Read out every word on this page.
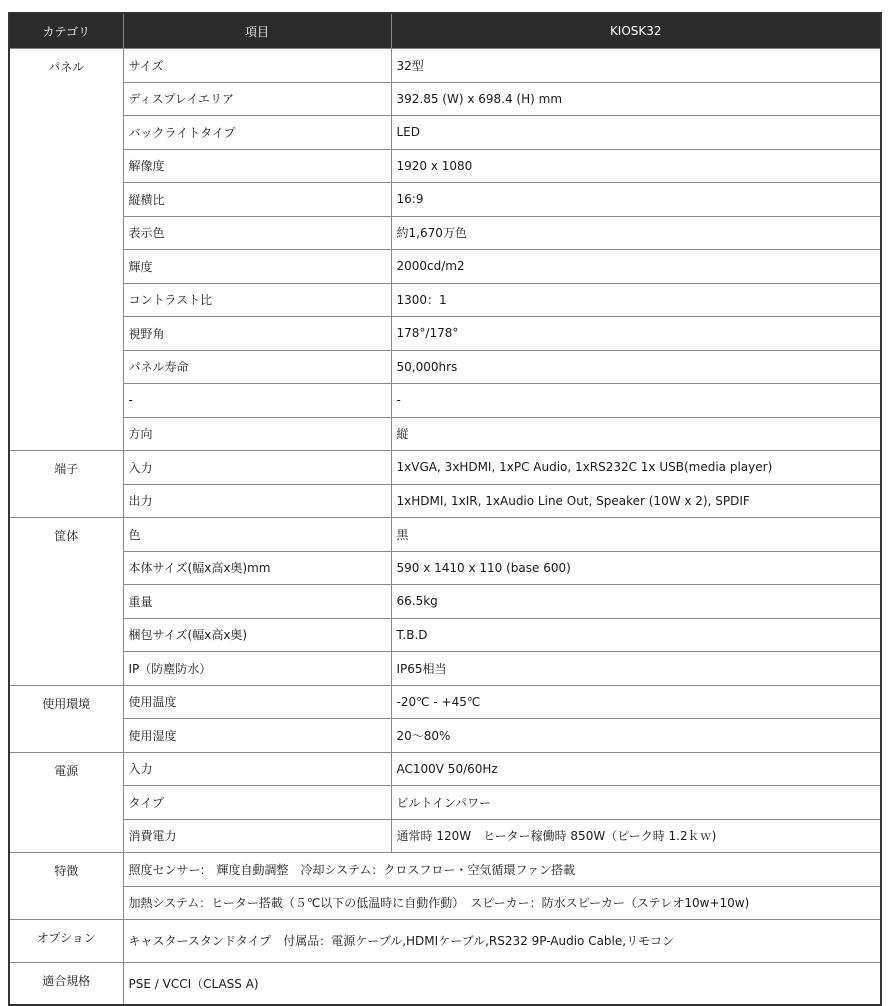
カテゴリ	項目	KIOSK32
パネル	サイズ	32型
	ディスプレイエリア	392.85 (W) x 698.4 (H) mm
	バックライトタイプ	LED
	解像度	1920 x 1080
	縦横比	16:9
	表示色	約1,670万色
	輝度	2000cd/m2
	コントラスト比	1300：1
	視野角	178°/178°
	パネル寿命	50,000hrs
	-	-
	方向	縦
端子	入力	1xVGA, 3xHDMI, 1xPC Audio, 1xRS232C 1x USB(media player)
	出力	1xHDMI, 1xIR, 1xAudio Line Out, Speaker (10W x 2), SPDIF
筐体	色	黒
	本体サイズ(幅x高x奥)mm	590 x 1410 x 110 (base 600)
	重量	66.5kg
	梱包サイズ(幅x高x奥)	T.B.D
	IP（防塵防水）	IP65相当
使用環境	使用温度	-20℃ - +45℃
	使用湿度	20～80%
電源	入力	AC100V 50/60Hz
	タイプ	ビルトインパワー
	消費電力	通常時 120W　ヒーター稼働時 850W（ピーク時 1.2ｋｗ)
特徴	照度センサー:　輝度自動調整　冷却システム：クロスフロー・空気循環ファン搭載	
	加熱システム：ヒーター搭載（５℃以下の低温時に自動作動）　スピーカー：防水スピーカー（ステレオ10w+10w)	
オプション	キャスタースタンドタイプ　付属品：電源ケーブル,HDMIケーブル,RS232 9P-Audio Cable,リモコン	
適合規格	PSE / VCCI（CLASS A)	
